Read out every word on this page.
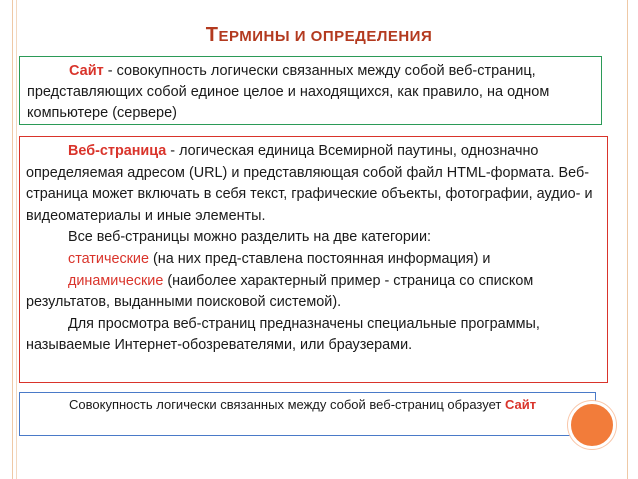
ТЕРМИНЫ И ОПРЕДЕЛЕНИЯ

Сайт - совокупность логически связанных между собой веб-страниц, представляющих собой единое целое и находящихся, как правило, на одном компьютере (сервере)

Веб-страница - логическая единица Всемирной паутины, однозначно определяемая адресом (URL) и представляющая собой файл HTML-формата. Веб-страница может включать в себя текст, графические объекты, фотографии, аудио- и видеоматериалы и иные элементы.

Все веб-страницы можно разделить на две категории:

статические (на них пред-ставлена постоянная информация) и

динамические (наиболее характерный пример - страница со списком результатов, выданными поисковой системой).

Для просмотра веб-страниц предназначены специальные программы, называемые Интернет-обозревателями, или браузерами.

Совокупность логически связанных между собой веб-страниц образует Сайт
